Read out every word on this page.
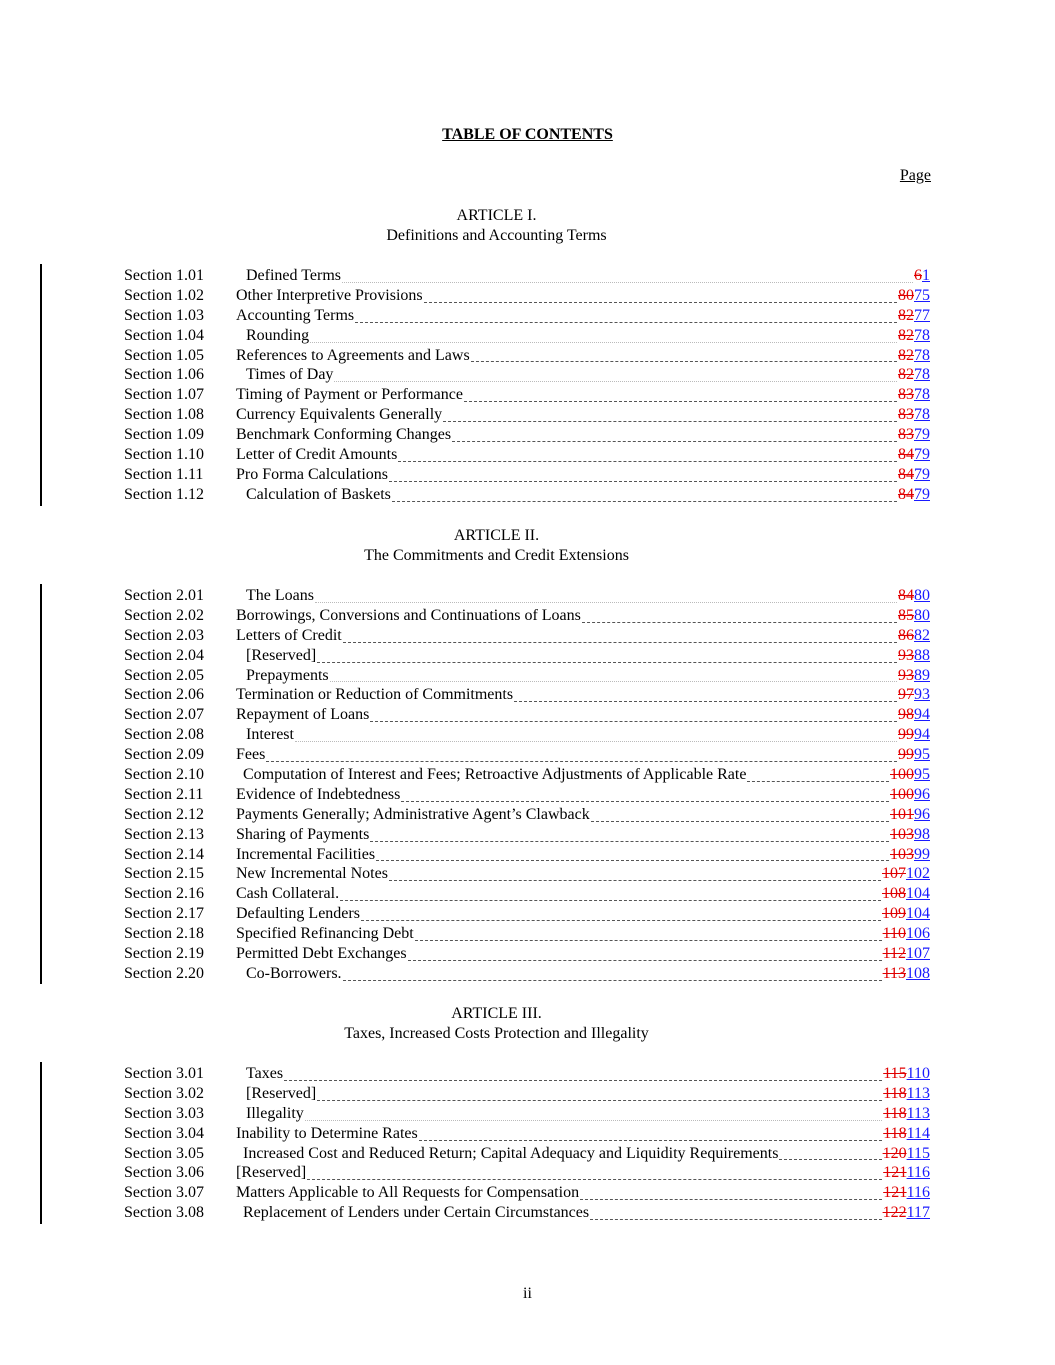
TABLE OF CONTENTS
Page
ARTICLE I.
Definitions and Accounting Terms
Section 1.01	Defined Terms	61
Section 1.02	Other Interpretive Provisions	8075
Section 1.03	Accounting Terms	8277
Section 1.04	Rounding	8278
Section 1.05	References to Agreements and Laws	8278
Section 1.06	Times of Day	8278
Section 1.07	Timing of Payment or Performance	8378
Section 1.08	Currency Equivalents Generally	8378
Section 1.09	Benchmark Conforming Changes	8379
Section 1.10	Letter of Credit Amounts	8479
Section 1.11	Pro Forma Calculations	8479
Section 1.12	Calculation of Baskets	8479
ARTICLE II.
The Commitments and Credit Extensions
Section 2.01	The Loans	8480
Section 2.02	Borrowings, Conversions and Continuations of Loans	8580
Section 2.03	Letters of Credit	8682
Section 2.04	[Reserved]	9388
Section 2.05	Prepayments	9389
Section 2.06	Termination or Reduction of Commitments	9793
Section 2.07	Repayment of Loans	9894
Section 2.08	Interest	9994
Section 2.09	Fees	9995
Section 2.10	Computation of Interest and Fees; Retroactive Adjustments of Applicable Rate	10095
Section 2.11	Evidence of Indebtedness	10096
Section 2.12	Payments Generally; Administrative Agent’s Clawback	10196
Section 2.13	Sharing of Payments	10398
Section 2.14	Incremental Facilities	10399
Section 2.15	New Incremental Notes	107102
Section 2.16	Cash Collateral.	108104
Section 2.17	Defaulting Lenders	109104
Section 2.18	Specified Refinancing Debt	110106
Section 2.19	Permitted Debt Exchanges	112107
Section 2.20	Co-Borrowers.	113108
ARTICLE III.
Taxes, Increased Costs Protection and Illegality
Section 3.01	Taxes	115110
Section 3.02	[Reserved]	118113
Section 3.03	Illegality	118113
Section 3.04	Inability to Determine Rates	118114
Section 3.05	Increased Cost and Reduced Return; Capital Adequacy and Liquidity Requirements	120115
Section 3.06	[Reserved]	121116
Section 3.07	Matters Applicable to All Requests for Compensation	121116
Section 3.08	Replacement of Lenders under Certain Circumstances	122117
ii
